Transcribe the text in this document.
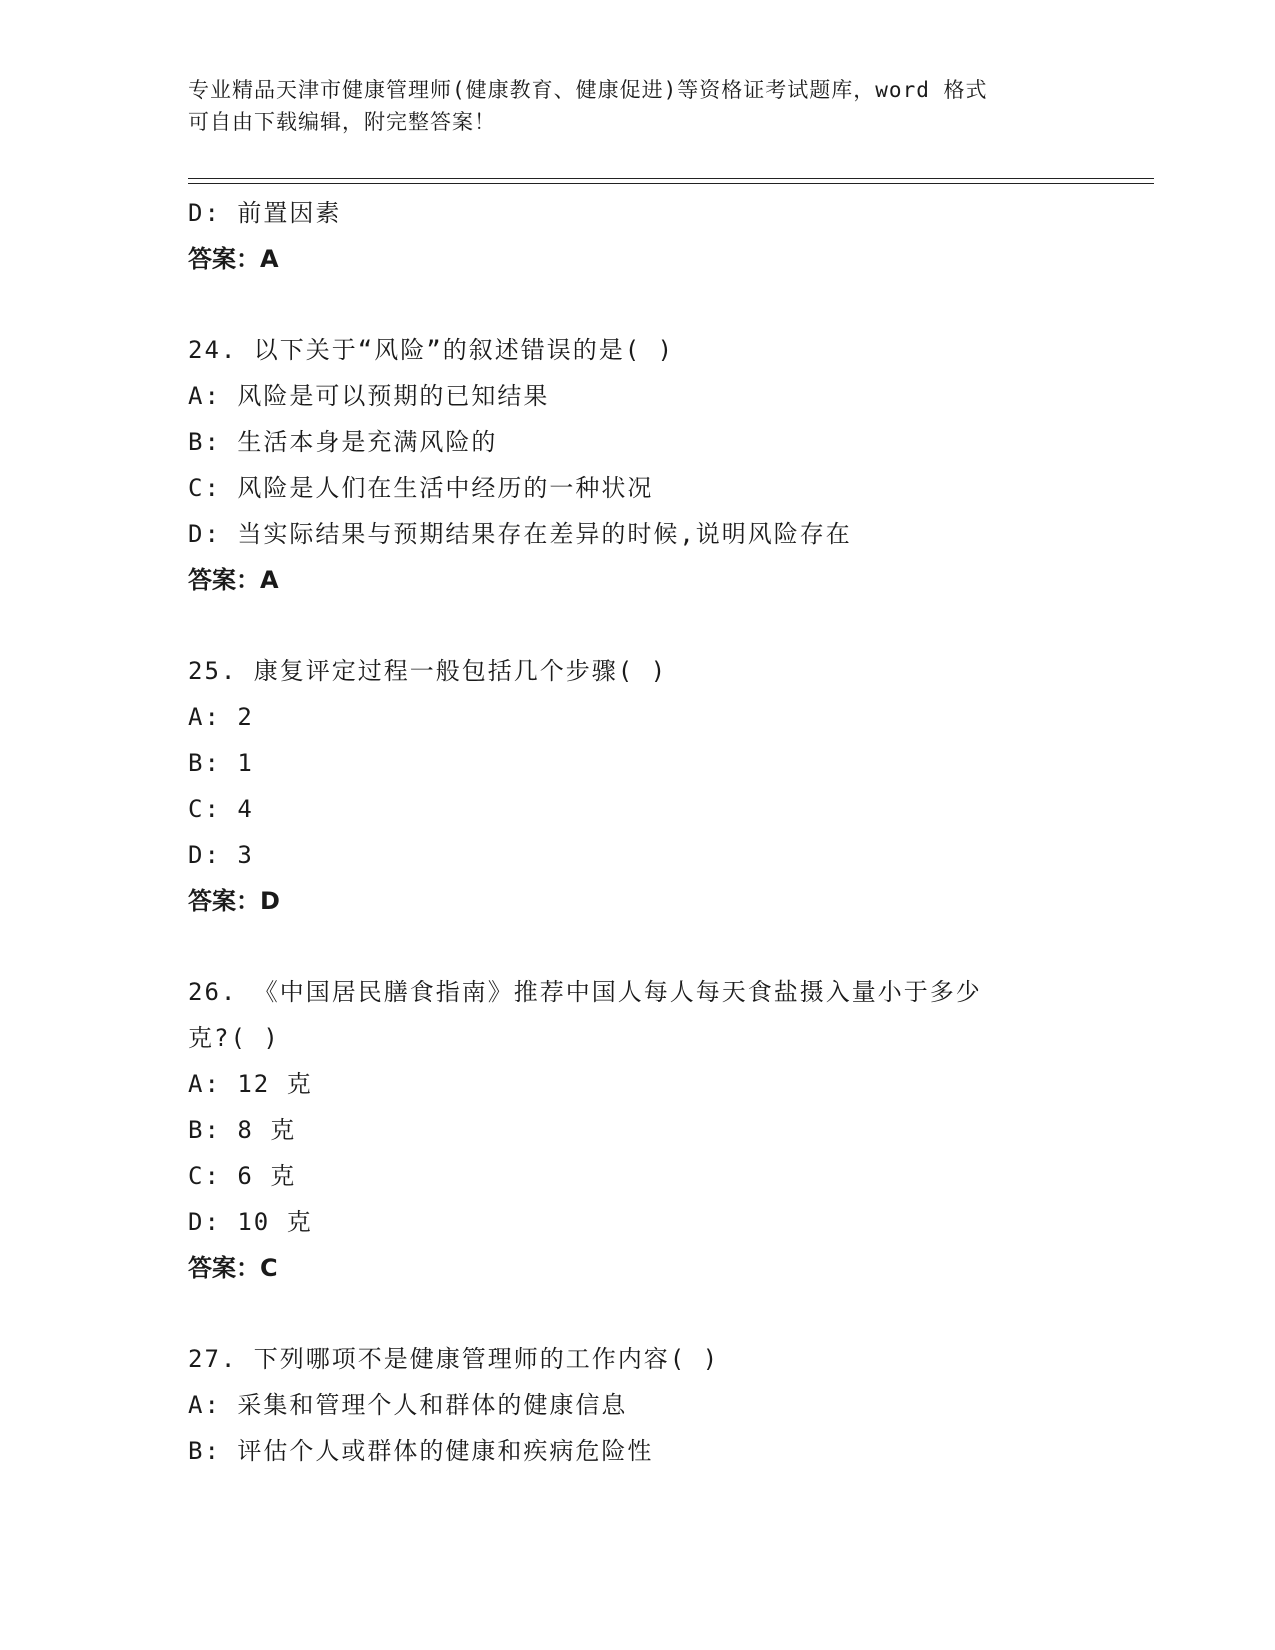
专业精品天津市健康管理师(健康教育、健康促进)等资格证考试题库，word 格式
可自由下载编辑，附完整答案！
D: 前置因素
答案：A
24. 以下关于“风险”的叙述错误的是( )
A: 风险是可以预期的已知结果
B: 生活本身是充满风险的
C: 风险是人们在生活中经历的一种状况
D: 当实际结果与预期结果存在差异的时候,说明风险存在
答案：A
25. 康复评定过程一般包括几个步骤( )
A: 2
B: 1
C: 4
D: 3
答案：D
26. 《中国居民膳食指南》推荐中国人每人每天食盐摄入量小于多少
克?( )
A: 12 克
B: 8 克
C: 6 克
D: 10 克
答案：C
27. 下列哪项不是健康管理师的工作内容( )
A: 采集和管理个人和群体的健康信息
B: 评估个人或群体的健康和疾病危险性
